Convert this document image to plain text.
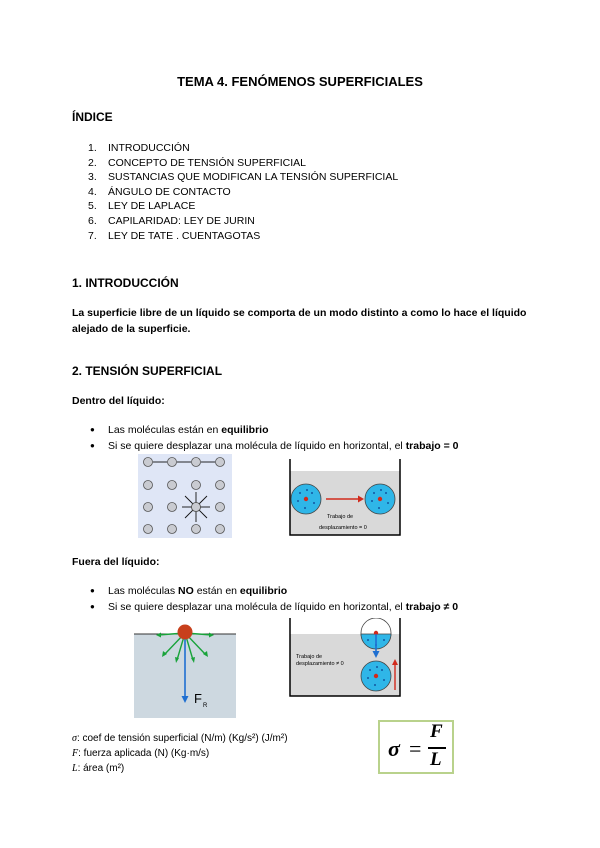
TEMA 4. FENÓMENOS SUPERFICIALES
ÍNDICE
1. INTRODUCCIÓN
2. CONCEPTO DE TENSIÓN SUPERFICIAL
3. SUSTANCIAS QUE MODIFICAN LA TENSIÓN SUPERFICIAL
4. ÁNGULO DE CONTACTO
5. LEY DE LAPLACE
6. CAPILARIDAD: LEY DE JURIN
7. LEY DE TATE . CUENTAGOTAS
1. INTRODUCCIÓN
La superficie libre de un líquido se comporta de un modo distinto a como lo hace el líquido alejado de la superficie.
2. TENSIÓN SUPERFICIAL
Dentro del líquido:
● Las moléculas están en equilibrio
● Si se quiere desplazar una molécula de líquido en horizontal, el trabajo = 0
Trabajo de
desplazamiento = 0
Fuera del líquido:
● Las moléculas NO están en equilibrio
● Si se quiere desplazar una molécula de líquido en horizontal, el trabajo ≠ 0
F R
Trabajo de
desplazamiento ≠ 0
σ: coef de tensión superficial (N/m) (Kg/s²) (J/m²)
F: fuerza aplicada (N) (Kg·m/s)
L: área (m²)
σ =
F
L
